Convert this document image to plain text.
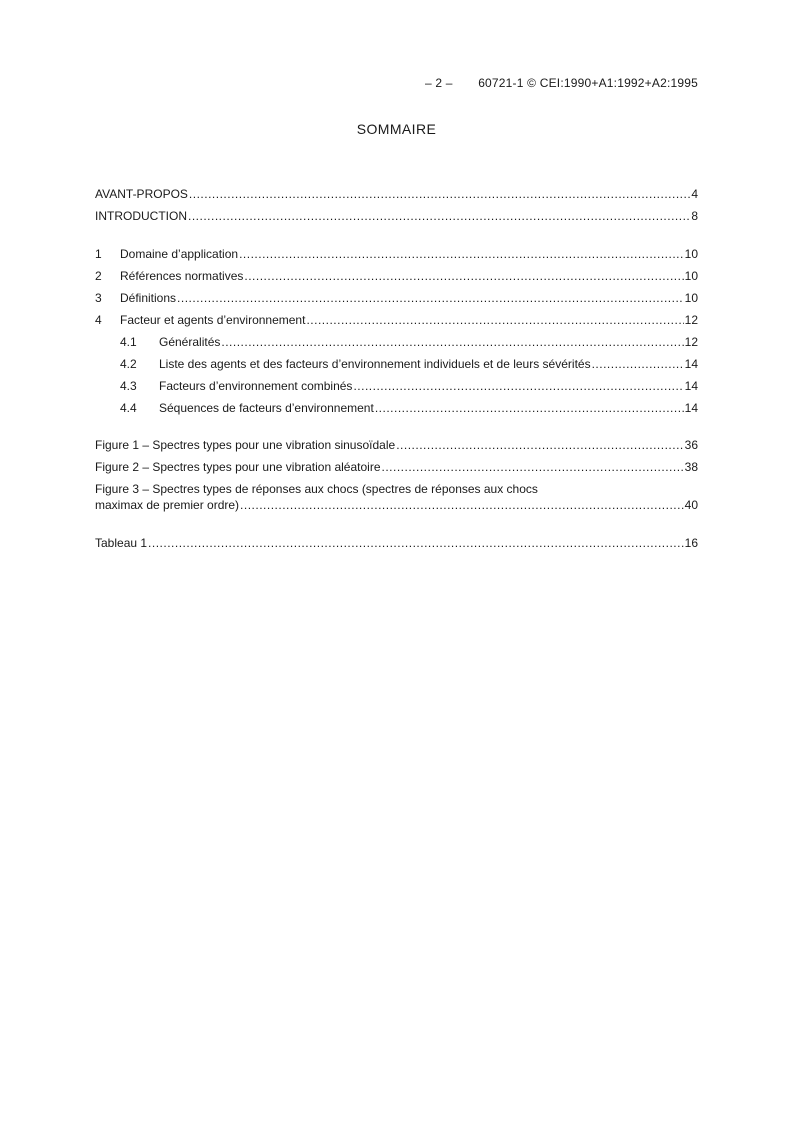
– 2 – 60721-1 © CEI:1990+A1:1992+A2:1995
SOMMAIRE
AVANT-PROPOS .....	4
INTRODUCTION .....	8
1	Domaine d’application .....	10
2	Références normatives .....	10
3	Définitions .....	10
4	Facteur et agents d’environnement .....	12
4.1	Généralités .....	12
4.2	Liste des agents et des facteurs d’environnement individuels et de leurs sévérités .....	14
4.3	Facteurs d’environnement combinés .....	14
4.4	Séquences de facteurs d’environnement .....	14
Figure 1 – Spectres types pour une vibration sinusoïdale .....	36
Figure 2 – Spectres types pour une vibration aléatoire .....	38
Figure 3 – Spectres types de réponses aux chocs (spectres de réponses aux chocs
maximax de premier ordre) .....	40
Tableau 1 .....	16
